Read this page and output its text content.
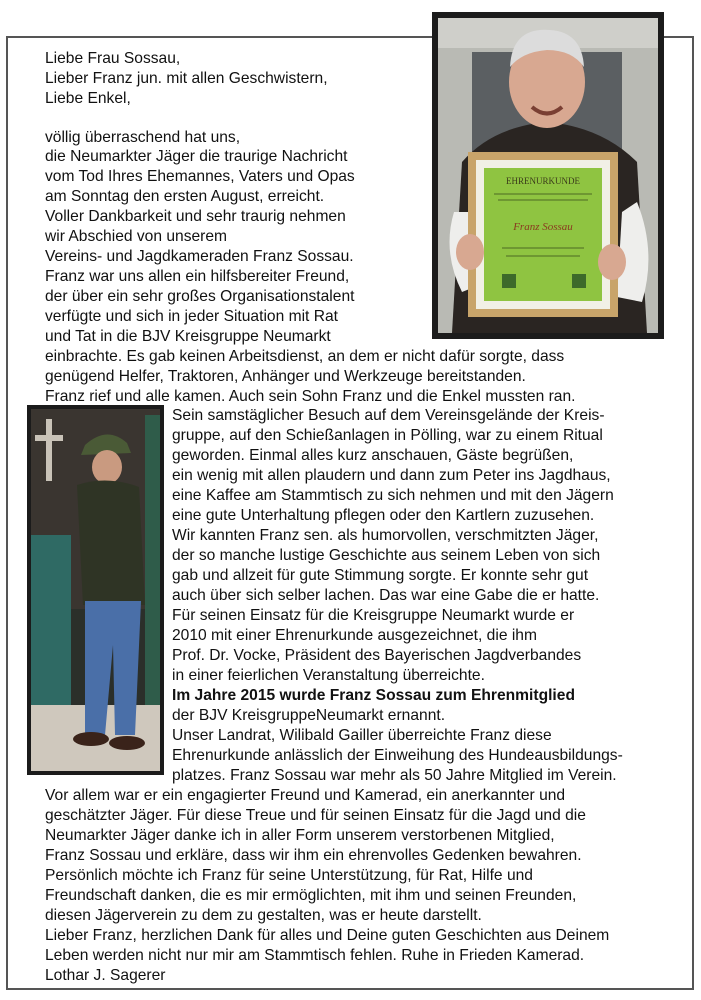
EHRENURKUNDE
Franz Sossau
Liebe Frau Sossau,
Lieber Franz jun. mit allen Geschwistern,
Liebe Enkel,
völlig überraschend hat uns,
die Neumarkter Jäger die traurige Nachricht
vom Tod Ihres Ehemannes, Vaters und Opas
am Sonntag den ersten August, erreicht.
Voller Dankbarkeit und sehr traurig nehmen
wir Abschied von unserem
Vereins- und Jagdkameraden Franz Sossau.
Franz war uns allen ein hilfsbereiter Freund,
der über ein sehr großes Organisationstalent
verfügte und sich in jeder Situation mit Rat
und Tat in die BJV Kreisgruppe Neumarkt
einbrachte. Es gab keinen Arbeitsdienst, an dem er nicht dafür sorgte, dass
genügend Helfer, Traktoren, Anhänger und Werkzeuge bereitstanden.
Franz rief und alle kamen. Auch sein Sohn Franz und die Enkel mussten ran.
Sein samstäglicher Besuch auf dem Vereinsgelände der Kreis-
gruppe, auf den Schießanlagen in Pölling, war zu einem Ritual
geworden. Einmal alles kurz anschauen, Gäste begrüßen,
ein wenig mit allen plaudern und dann zum Peter ins Jagdhaus,
eine Kaffee am Stammtisch zu sich nehmen und mit den Jägern
eine gute Unterhaltung pflegen oder den Kartlern zuzusehen.
Wir kannten Franz sen. als humorvollen, verschmitzten Jäger,
der so manche lustige Geschichte aus seinem Leben von sich
gab und allzeit für gute Stimmung sorgte. Er konnte sehr gut
auch über sich selber lachen. Das war eine Gabe die er hatte.
Für seinen Einsatz für die Kreisgruppe Neumarkt wurde er
2010 mit einer Ehrenurkunde ausgezeichnet, die ihm
Prof. Dr. Vocke, Präsident des Bayerischen Jagdverbandes
in einer feierlichen Veranstaltung überreichte.
Im Jahre 2015 wurde Franz Sossau zum Ehrenmitglied
der BJV KreisgruppeNeumarkt ernannt.
Unser Landrat, Wilibald Gailler überreichte Franz diese
Ehrenurkunde anlässlich der Einweihung des Hundeausbildungs-
platzes. Franz Sossau war mehr als 50 Jahre Mitglied im Verein.
Vor allem war er ein engagierter Freund und Kamerad, ein anerkannter und
geschätzter Jäger. Für diese Treue und für seinen Einsatz für die Jagd und die
Neumarkter Jäger danke ich in aller Form unserem verstorbenen Mitglied,
Franz Sossau und erkläre, dass wir ihm ein ehrenvolles Gedenken bewahren.
Persönlich möchte ich Franz für seine Unterstützung, für Rat, Hilfe und
Freundschaft danken, die es mir ermöglichten, mit ihm und seinen Freunden,
diesen Jägerverein zu dem zu gestalten, was er heute darstellt.
Lieber Franz, herzlichen Dank für alles und Deine guten Geschichten aus Deinem
Leben werden nicht nur mir am Stammtisch fehlen. Ruhe in Frieden Kamerad.
Lothar J. Sagerer
